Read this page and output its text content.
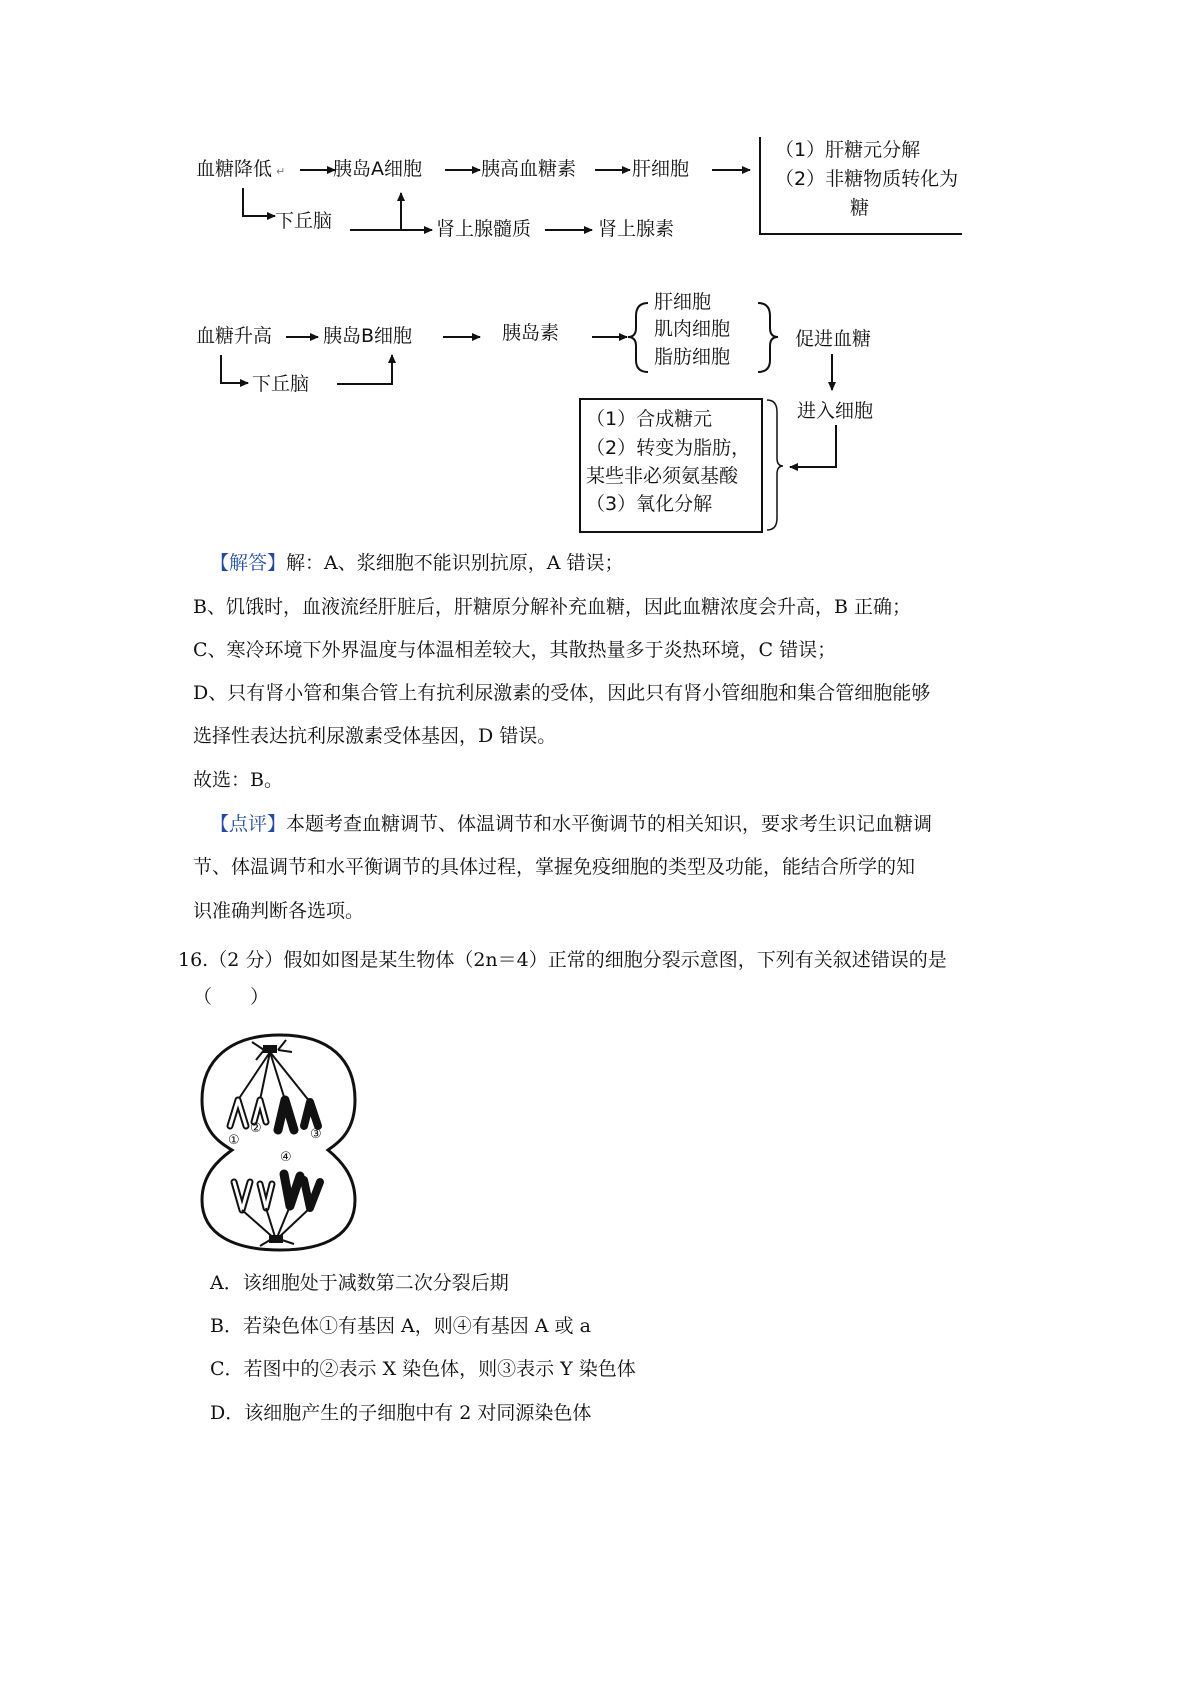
血糖降低 ↵	胰岛A细胞	胰高血糖素	肝细胞
下丘脑	肾上腺髓质	肾上腺素
（1）肝糖元分解
（2）非糖物质转化为
糖
血糖升高	胰岛B细胞	胰岛素
下丘脑
肝细胞
肌肉细胞
脂肪细胞
促进血糖
进入细胞
（1）合成糖元
（2）转变为脂肪，
某些非必须氨基酸
（3）氧化分解
【解答】解：A、浆细胞不能识别抗原，A 错误；
B、饥饿时，血液流经肝脏后，肝糖原分解补充血糖，因此血糖浓度会升高，B 正确；
C、寒冷环境下外界温度与体温相差较大，其散热量多于炎热环境，C 错误；
D、只有肾小管和集合管上有抗利尿激素的受体，因此只有肾小管细胞和集合管细胞能够
选择性表达抗利尿激素受体基因，D 错误。
故选：B。
【点评】本题考查血糖调节、体温调节和水平衡调节的相关知识，要求考生识记血糖调
节、体温调节和水平衡调节的具体过程，掌握免疫细胞的类型及功能，能结合所学的知
识准确判断各选项。
16.（2 分）假如如图是某生物体（2n＝4）正常的细胞分裂示意图，下列有关叙述错误的是
（　　）
①
②	③
④
A．该细胞处于减数第二次分裂后期
B．若染色体①有基因 A，则④有基因 A 或 a
C．若图中的②表示 X 染色体，则③表示 Y 染色体
D．该细胞产生的子细胞中有 2 对同源染色体
